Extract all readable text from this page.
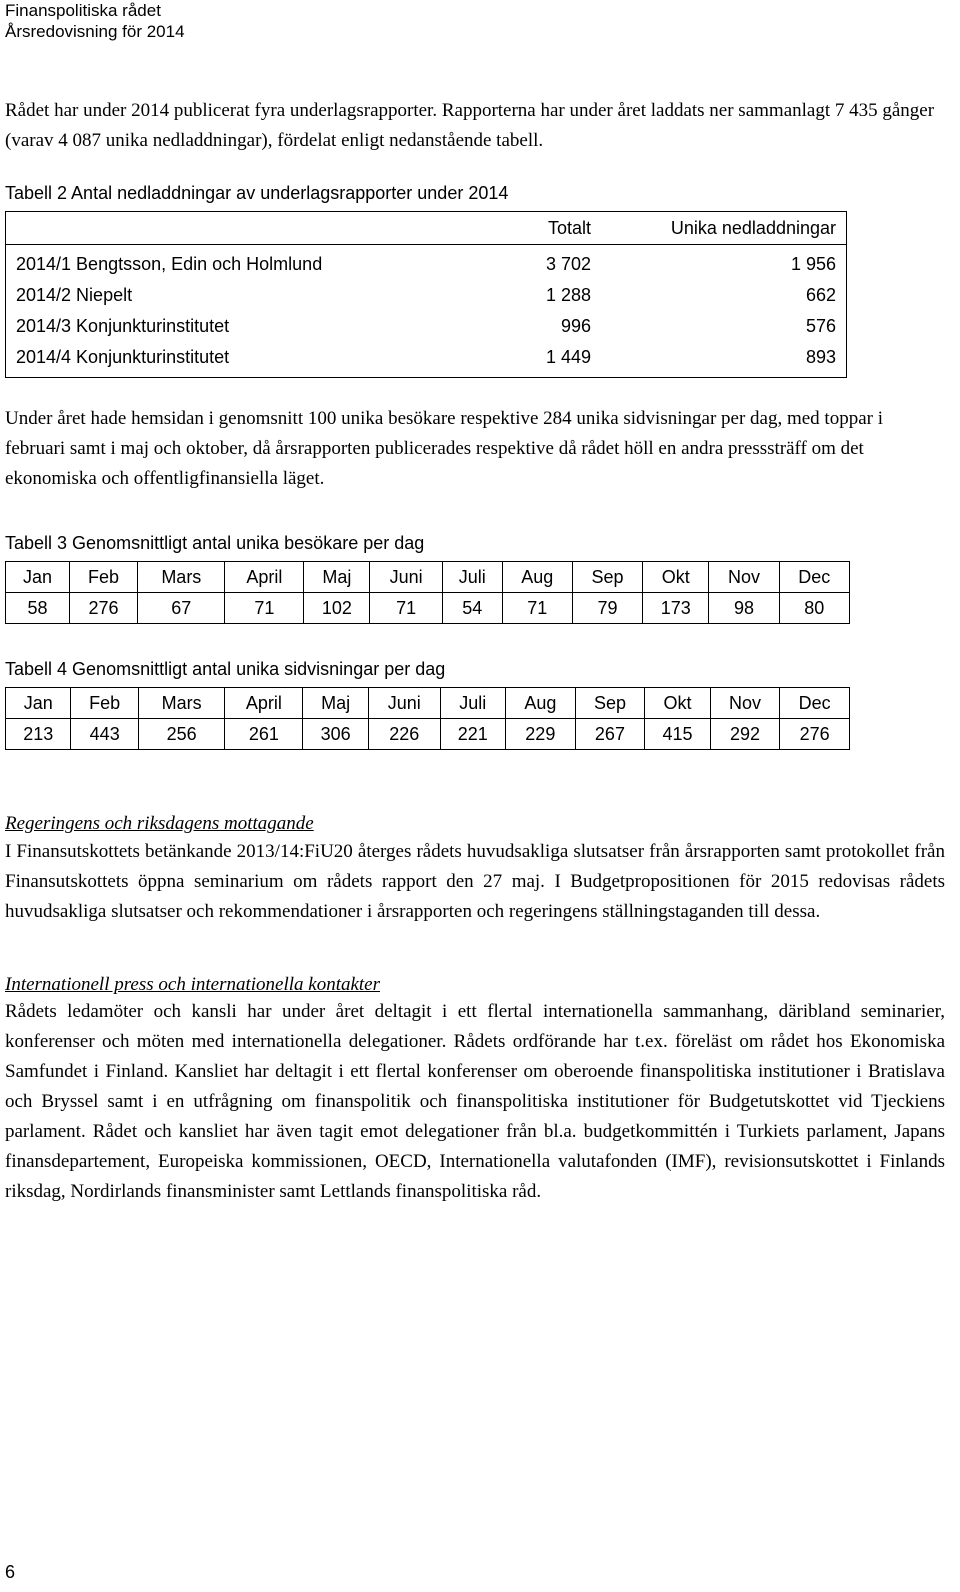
Finanspolitiska rådet
Årsredovisning för 2014
Rådet har under 2014 publicerat fyra underlagsrapporter. Rapporterna har under året laddats ner sammanlagt 7 435 gånger (varav 4 087 unika nedladdningar), fördelat enligt nedanstående tabell.
Tabell 2 Antal nedladdningar av underlagsrapporter under 2014
	Totalt	Unika nedladdningar
2014/1 Bengtsson, Edin och Holmlund	3 702	1 956
2014/2 Niepelt	1 288	662
2014/3 Konjunkturinstitutet	996	576
2014/4 Konjunkturinstitutet	1 449	893
Under året hade hemsidan i genomsnitt 100 unika besökare respektive 284 unika sidvisningar per dag, med toppar i februari samt i maj och oktober, då årsrapporten publicerades respektive då rådet höll en andra presssträff om det ekonomiska och offentligfinansiella läget.
Tabell 3 Genomsnittligt antal unika besökare per dag
Jan	Feb	Mars	April	Maj	Juni	Juli	Aug	Sep	Okt	Nov	Dec
58	276	67	71	102	71	54	71	79	173	98	80
Tabell 4 Genomsnittligt antal unika sidvisningar per dag
Jan	Feb	Mars	April	Maj	Juni	Juli	Aug	Sep	Okt	Nov	Dec
213	443	256	261	306	226	221	229	267	415	292	276
Regeringens och riksdagens mottagande
I Finansutskottets betänkande 2013/14:FiU20 återges rådets huvudsakliga slutsatser från årsrapporten samt protokollet från Finansutskottets öppna seminarium om rådets rapport den 27 maj. I Budgetpropositionen för 2015 redovisas rådets huvudsakliga slutsatser och rekommendationer i årsrapporten och regeringens ställningstaganden till dessa.
Internationell press och internationella kontakter
Rådets ledamöter och kansli har under året deltagit i ett flertal internationella sammanhang, däribland seminarier, konferenser och möten med internationella delegationer. Rådets ordförande har t.ex. föreläst om rådet hos Ekonomiska Samfundet i Finland. Kansliet har deltagit i ett flertal konferenser om oberoende finanspolitiska institutioner i Bratislava och Bryssel samt i en utfrågning om finanspolitik och finanspolitiska institutioner för Budgetutskottet vid Tjeckiens parlament. Rådet och kansliet har även tagit emot delegationer från bl.a. budgetkommittén i Turkiets parlament, Japans finansdepartement, Europeiska kommissionen, OECD, Internationella valutafonden (IMF), revisionsutskottet i Finlands riksdag, Nordirlands finansminister samt Lettlands finanspolitiska råd.
6
